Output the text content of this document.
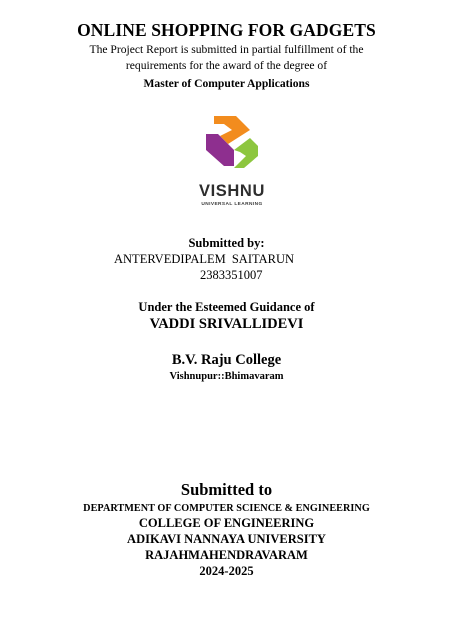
ONLINE SHOPPING FOR GADGETS
The Project Report is submitted in partial fulfillment of the
requirements for the award of the degree of
Master of Computer Applications
VISHNU
UNIVERSAL LEARNING
Submitted by:
ANTERVEDIPALEM SAITARUN
2383351007
Under the Esteemed Guidance of
VADDI SRIVALLIDEVI
B.V. Raju College
Vishnupur::Bhimavaram
Submitted to
DEPARTMENT OF COMPUTER SCIENCE & ENGINEERING
COLLEGE OF ENGINEERING
ADIKAVI NANNAYA UNIVERSITY
RAJAHMAHENDRAVARAM
2024-2025
